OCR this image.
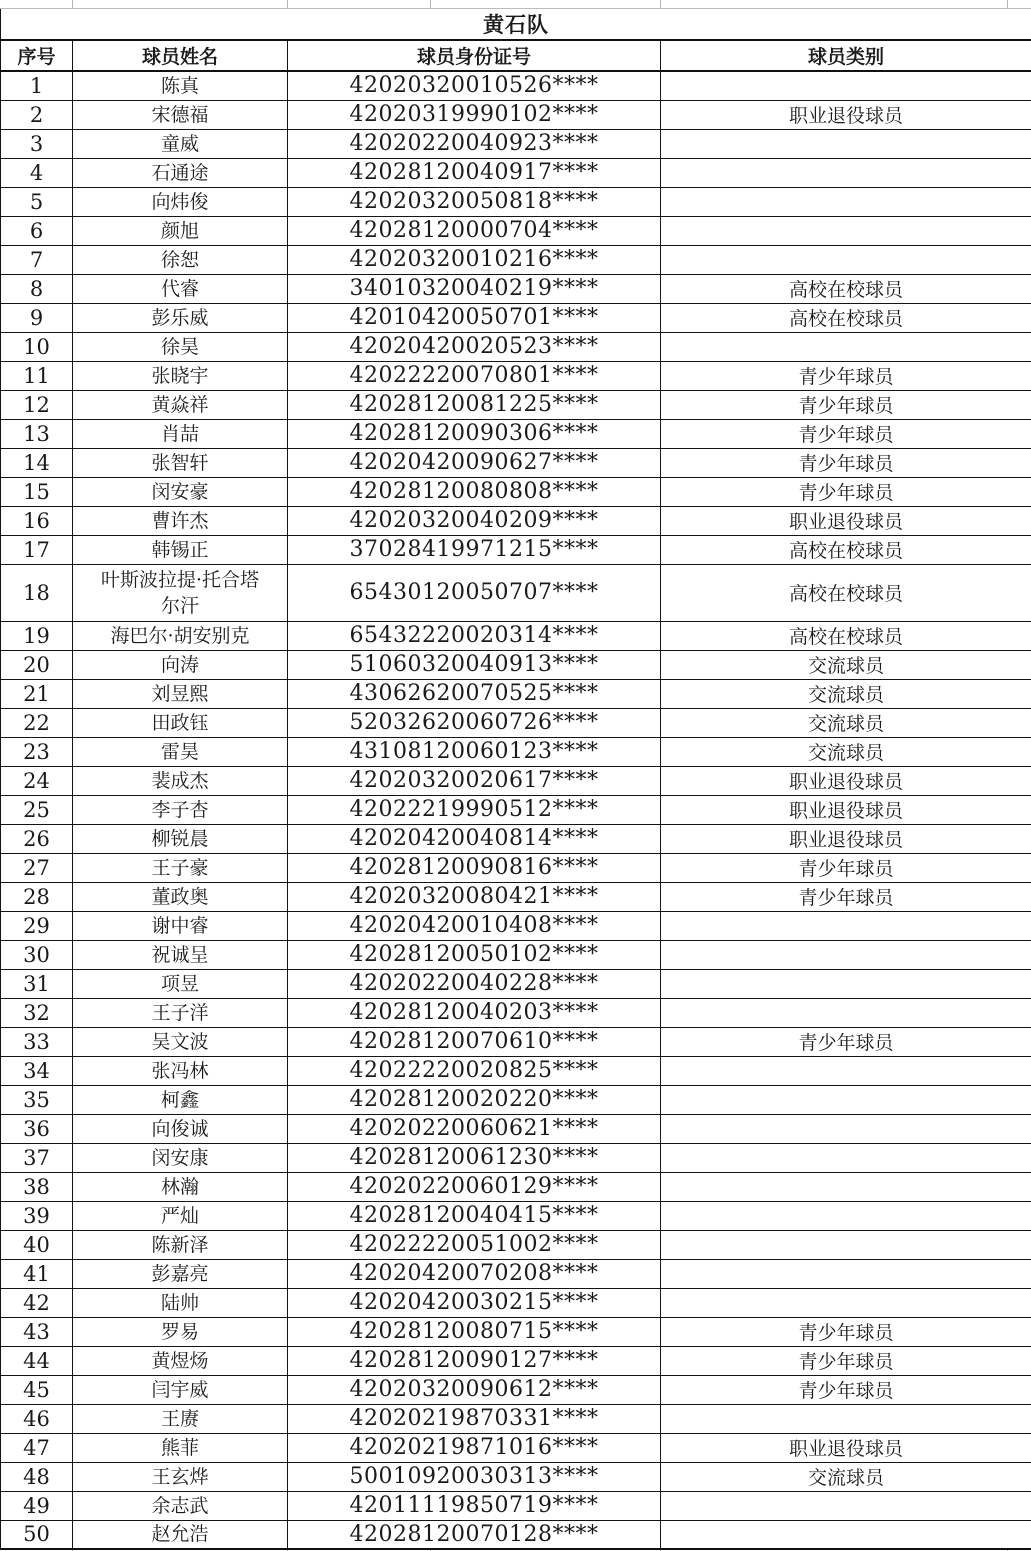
黄石队			
序号	球员姓名	球员身份证号	球员类别
1	陈真	42020320010526****	
2	宋德福	42020319990102****	职业退役球员
3	童威	42020220040923****	
4	石通途	42028120040917****	
5	向炜俊	42020320050818****	
6	颜旭	42028120000704****	
7	徐恕	42020320010216****	
8	代睿	34010320040219****	高校在校球员
9	彭乐威	42010420050701****	高校在校球员
10	徐昊	42020420020523****	
11	张晓宇	42022220070801****	青少年球员
12	黄焱祥	42028120081225****	青少年球员
13	肖喆	42028120090306****	青少年球员
14	张智轩	42020420090627****	青少年球员
15	闵安豪	42028120080808****	青少年球员
16	曹许杰	42020320040209****	职业退役球员
17	韩锡正	37028419971215****	高校在校球员
18	叶斯波拉提·托合塔尔汗	65430120050707****	高校在校球员
19	海巴尔·胡安别克	65432220020314****	高校在校球员
20	向涛	51060320040913****	交流球员
21	刘昱熙	43062620070525****	交流球员
22	田政钰	52032620060726****	交流球员
23	雷昊	43108120060123****	交流球员
24	裴成杰	42020320020617****	职业退役球员
25	李子杏	42022219990512****	职业退役球员
26	柳锐晨	42020420040814****	职业退役球员
27	王子豪	42028120090816****	青少年球员
28	董政奥	42020320080421****	青少年球员
29	谢中睿	42020420010408****	
30	祝诚呈	42028120050102****	
31	项昱	42020220040228****	
32	王子洋	42028120040203****	
33	吴文波	42028120070610****	青少年球员
34	张冯林	42022220020825****	
35	柯鑫	42028120020220****	
36	向俊诚	42020220060621****	
37	闵安康	42028120061230****	
38	林瀚	42020220060129****	
39	严灿	42028120040415****	
40	陈新泽	42022220051002****	
41	彭嘉亮	42020420070208****	
42	陆帅	42020420030215****	
43	罗易	42028120080715****	青少年球员
44	黄煜炀	42028120090127****	青少年球员
45	闫宇威	42020320090612****	青少年球员
46	王赓	42020219870331****	
47	熊菲	42020219871016****	职业退役球员
48	王玄烨	50010920030313****	交流球员
49	余志武	42011119850719****	
50	赵允浩	42028120070128****	
